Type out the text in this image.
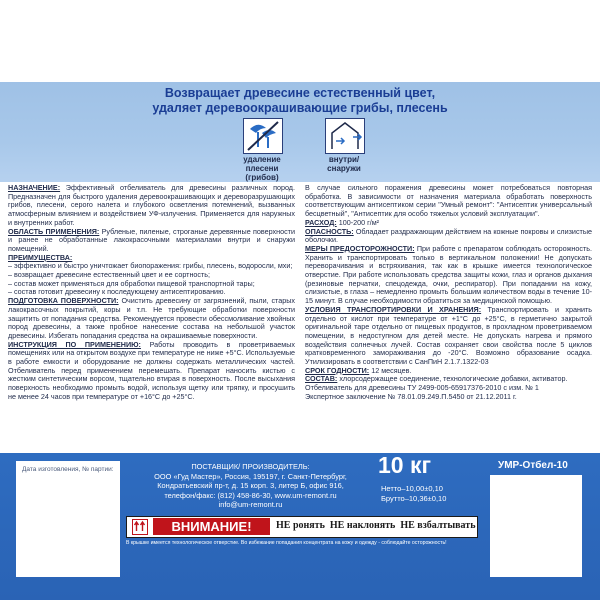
Возвращает древесине естественный цвет,
удаляет деревоокрашивающие грибы, плесень
удаление плесени
(грибов)
внутри/
снаружи

НАЗНАЧЕНИЕ: Эффективный отбеливатель для древесины различных пород. Предназначен для быстрого удаления деревоокрашивающих и дереворазрушающих грибов, плесени, серого налета и глубокого осветления потемнений, вызванных атмосферным влиянием и воздействием УФ-излучения. Применяется для наружных и внутренних работ.

ОБЛАСТЬ ПРИМЕНЕНИЯ: Рубленые, пиленые, строганые деревянные поверхности и ранее не обработанные лакокрасочными материалами внутри и снаружи помещений.

ПРЕИМУЩЕСТВА:

– эффективно и быстро уничтожает биопоражения: грибы, плесень, водоросли, мхи;

– возвращает древесине естественный цвет и ее сортность;

– состав может применяться для обработки пищевой транспортной тары;

– состав готовит древесину к последующему антисептированию.

ПОДГОТОВКА ПОВЕРХНОСТИ: Очистить древесину от загрязнений, пыли, старых лакокрасочных покрытий, коры и т.п. Не требующие обработки поверхности защитить от попадания средства. Рекомендуется провести обессмоливание хвойных пород древесины, а также пробное нанесение состава на небольшой участок древесины. Избегать попадания средства на окрашиваемые поверхности.

ИНСТРУКЦИЯ ПО ПРИМЕНЕНИЮ: Работы проводить в проветриваемых помещениях или на открытом воздухе при температуре не ниже +5°С. Используемые в работе емкости и оборудование не должны содержать металлических частей. Отбеливатель перед применением перемешать. Препарат наносить кистью с жестким синтетическим ворсом, тщательно втирая в поверхность. После высыхания поверхность необходимо промыть водой, используя щетку или тряпку, и просушить не менее 24 часов при температуре от +16°С до +25°С.

В случае сильного поражения древесины может потребоваться повторная обработка. В зависимости от назначения материала обработать поверхность соответствующим антисептиком серии "Умный ремонт": "Антисептик универсальный бесцветный", "Антисептик для особо тяжелых условий эксплуатации".

РАСХОД: 100-200 г/м²

ОПАСНОСТЬ: Обладает раздражающим действием на кожные покровы и слизистые оболочки.

МЕРЫ ПРЕДОСТОРОЖНОСТИ: При работе с препаратом соблюдать осторожность. Хранить и транспортировать только в вертикальном положении! Не допускать переворачивания и встряхивания, так как в крышке имеется технологическое отверстие. При работе использовать средства защиты кожи, глаз и органов дыхания (резиновые перчатки, спецодежда, очки, респиратор). При попадании на кожу, слизистые, в глаза – немедленно промыть большим количеством воды в течение 10-15 минут. В случае необходимости обратиться за медицинской помощью.

УСЛОВИЯ ТРАНСПОРТИРОВКИ И ХРАНЕНИЯ: Транспортировать и хранить отдельно от кислот при температуре от +1°С до +25°С, в герметично закрытой оригинальной таре отдельно от пищевых продуктов, в прохладном проветриваемом помещении, в недоступном для детей месте. Не допускать нагрева и прямого воздействия солнечных лучей. Состав сохраняет свои свойства после 5 циклов кратковременного замораживания до -20°С. Возможно образование осадка. Утилизировать в соответствии с СанПиН 2.1.7.1322-03

СРОК ГОДНОСТИ: 12 месяцев.

СОСТАВ: хлорсодержащее соединение, технологические добавки, активатор.

Отбеливатель для древесины ТУ 2499-005-65917376-2010 с изм. № 1

Экспертное заключение № 78.01.09.249.П.5450 от 21.12.2011 г.

Дата изготовления, № партии:	ПОСТАВЩИК/ ПРОИЗВОДИТЕЛЬ:
ООО «Гуд Мастер», Россия, 195197, г. Санкт-Петербург,
Кондратьевский пр-т, д. 15 корп. 3, литер Б, офис 916,
телефон/факс: (812) 458-86-30, www.um-remont.ru
info@um-remont.ru
10 кг
Нетто–10,00±0,10
Брутто–10,36±0,10
УМР-Отбел-10
ВНИМАНИЕ!	НЕ ронять НЕ наклонять НЕ взбалтывать
В крышке имеется технологическое отверстие. Во избежание попадания концентрата на кожу и одежду - соблюдайте осторожность!
